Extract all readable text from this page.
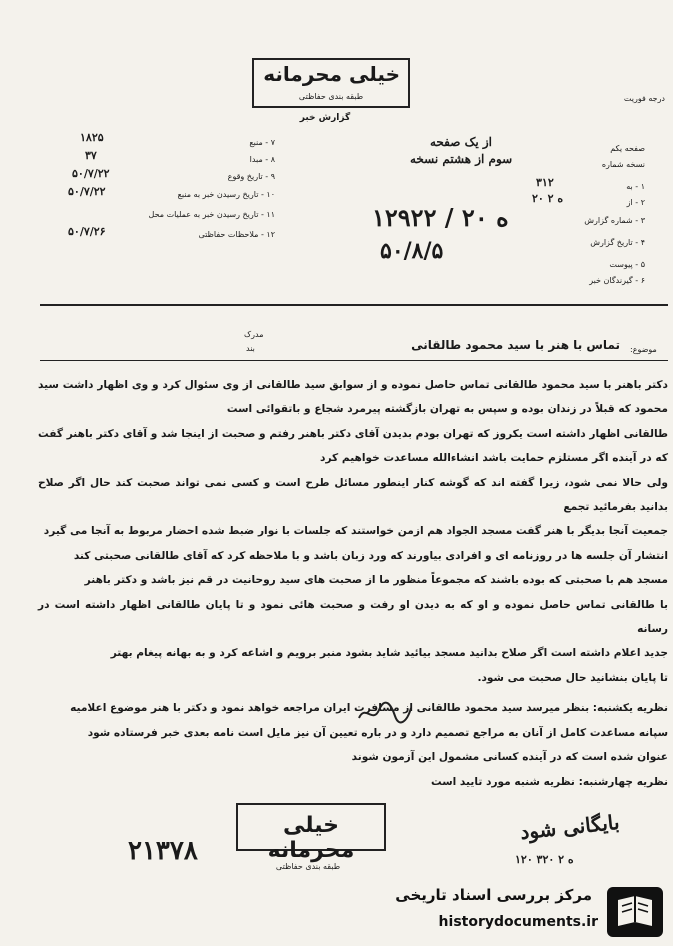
خیلی محرمانه
طبقه بندی حفاظتی
گزارش خبر
درجه فوریت
۷ - منبع
۱۸۲۵
۸ - مبدا
۳۷
۹ - تاریخ وقوع
۵۰/۷/۲۲
۱۰ - تاریخ رسیدن خبر به منبع
۵۰/۷/۲۲
۱۱ - تاریخ رسیدن خبر به عملیات محل
۱۲ - ملاحظات حفاظتی
۵۰/۷/۲۶
صفحه یکم
از یک صفحه
نسخه شماره
سوم از هشتم نسخه
۱ - به
۳۱۲
۲ - از
۲۰ ه ۲
۳ - شماره گزارش
۱۲۹۲۲ / ۲۰ ه
۴ - تاریخ گزارش
۵۰/۸/۵
۵ - پیوست
۶ - گیرندگان خبر
موضوع:
تماس با هنر با سید محمود طالقانی
مدرک
بند

دکتر باهنر با سید محمود طالقانی تماس حاصل نموده و از سوابق سید طالقانی از وی سئوال کرد و وی اظهار داشت سید محمود که قبلاً در زندان بوده و سپس به تهران بازگشته پیرمرد شجاع و باتقوائی است

طالقانی اظهار داشته است یکروز که تهران بودم بدیدن آقای دکتر باهنر رفتم و صحبت از اینجا شد و آقای دکتر باهنر گفت که در آینده اگر مستلزم حمایت باشد انشاءالله مساعدت خواهیم کرد

ولی حالا نمی شود، زیرا گفته اند که گوشه کنار اینطور مسائل طرح است و کسی نمی تواند صحبت کند حال اگر صلاح بدانید بفرمائید تجمع

جمعیت آنجا بدیگر با هنر گفت مسجد الجواد هم ازمن خواستند که جلسات با نوار ضبط شده احضار مربوط به آنجا می گیرد

انتشار آن جلسه ها در روزنامه ای و افرادی بیاورند که ورد زبان باشد و با ملاحظه کرد که آقای طالقانی صحبتی کند

مسجد هم با صحبتی که بوده باشند که مجموعاً منظور ما از صحبت های سید روحانیت در قم نیز باشد و دکتر باهنر

با طالقانی تماس حاصل نموده و او که به دیدن او رفت و صحبت هائی نمود و تا پایان طالقانی اظهار داشته است در رسانه

جدید اعلام داشته است اگر صلاح بدانید مسجد بیائید شاید بشود منبر برویم و اشاعه کرد و به بهانه پیغام بهتر

تا پایان بنشانید حال صحبت می شود.

نظریه یکشنبه: بنظر میرسد سید محمود طالقانی از مسافرت ایران مراجعه خواهد نمود و دکتر با هنر موضوع اعلامیه

سپانه مساعدت کامل از آنان به مراجع تصمیم دارد و در باره تعیین آن نیز مایل است نامه بعدی خبر فرستاده شود

عنوان شده است که در آینده کسانی مشمول این آزمون شوند

نظریه چهارشنبه: نظریه شنبه مورد تایید است

۲۱۳۷۸
بایگانی شود
۱۲۰ ۳۲۰ ه ۲
خیلی محرمانه
طبقه بندی حفاظتی
مرکز بررسی اسناد تاریخی
historydocuments.ir
